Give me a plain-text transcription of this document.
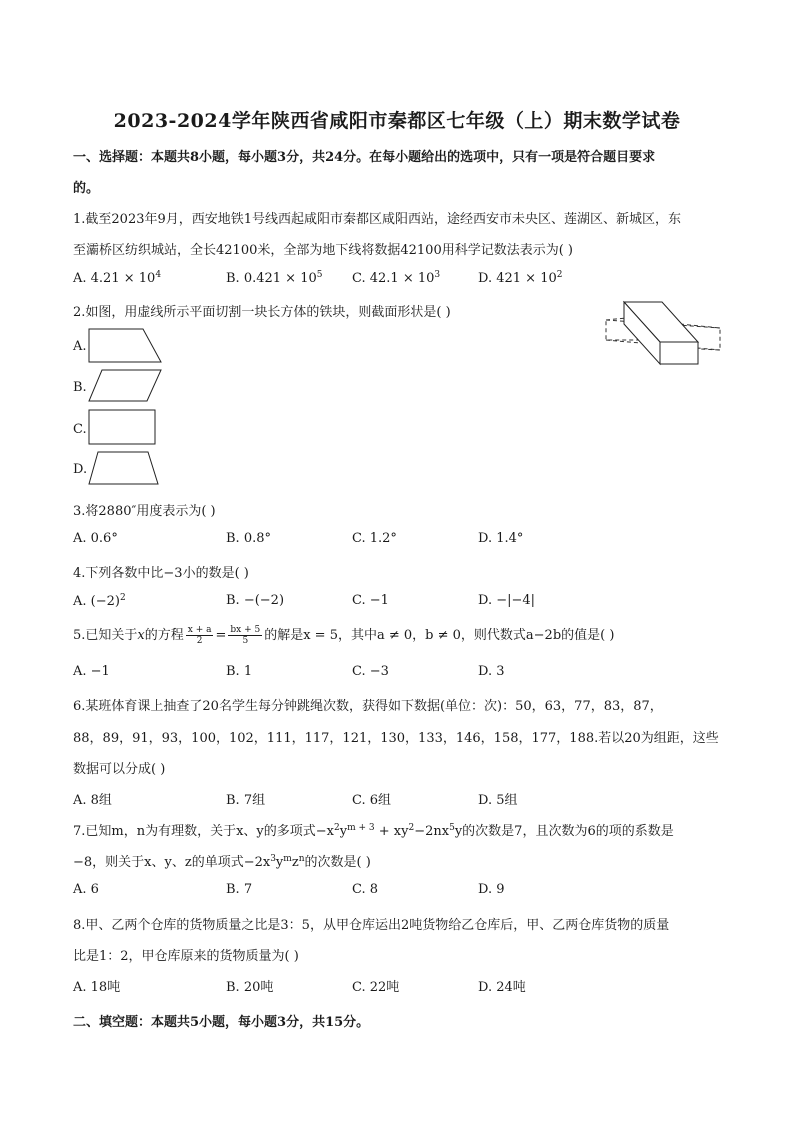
2023-2024学年陕西省咸阳市秦都区七年级（上）期末数学试卷
一、选择题：本题共8小题，每小题3分，共24分。在每小题给出的选项中，只有一项是符合题目要求
的。
1.截至2023年9月，西安地铁1号线西起咸阳市秦都区咸阳西站，途经西安市未央区、莲湖区、新城区，东
至灞桥区纺织城站，全长42100米，全部为地下线将数据42100用科学记数法表示为( )
A. $4.21 \times 10^4$	B. $0.421 \times 10^5$ C. $42.1 \times 10^3$	D. $421 \times 10^2$
2.如图，用虚线所示平面切割一块长方体的铁块，则截面形状是( )
A.
B.
C.
D.
3.将2880″用度表示为( )
A. 0.6°	B. 0.8°	C. 1.2°	D. 1.4°
4.下列各数中比−3小的数是( )
A. $(-2)^2$	B. −(−2)	C. −1	D. −|−4|
5.已知关于x的方程 $\frac{x + a}{2} = \frac{bx + 5}{5}$ 的解是x = 5，其中a ≠ 0，b ≠ 0，则代数式a−2b的值是( )
A. −1	B. 1	C. −3	D. 3
6.某班体育课上抽查了20名学生每分钟跳绳次数，获得如下数据(单位：次)：50，63，77，83，87，
88，89，91，93，100，102，111，117，121，130，133，146，158，177，188.若以20为组距，这些
数据可以分成( )
A. 8组	B. 7组	C. 6组	D. 5组
7.已知m，n为有理数，关于x、y的多项式$-x^2y^{m + 3} + xy^2-2nx^5y$的次数是7，且次数为6的项的系数是
−8，则关于x、y、z的单项式$-2x^3y^mz^n$的次数是( )
A. 6	B. 7	C. 8	D. 9
8.甲、乙两个仓库的货物质量之比是3：5，从甲仓库运出2吨货物给乙仓库后，甲、乙两仓库货物的质量
比是1：2，甲仓库原来的货物质量为( )
A. 18吨	B. 20吨	C. 22吨	D. 24吨
二、填空题：本题共5小题，每小题3分，共15分。
